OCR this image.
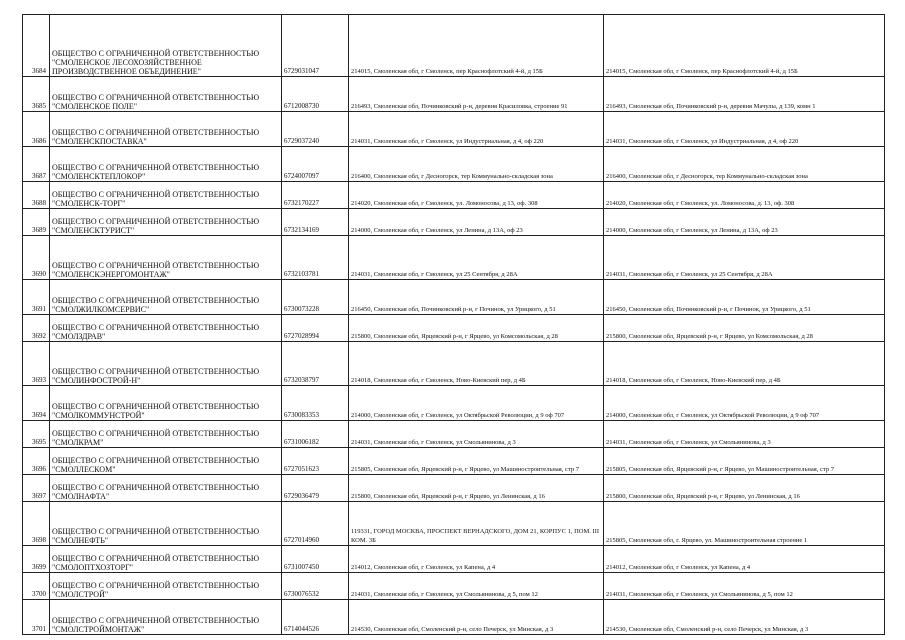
3684	ОБЩЕСТВО С ОГРАНИЧЕННОЙ ОТВЕТСТВЕННОСТЬЮ "СМОЛЕНСКОЕ ЛЕСОХОЗЯЙСТВЕННОЕ ПРОИЗВОДСТВЕННОЕ ОБЪЕДИНЕНИЕ"	6729031047	214015, Смоленская обл, г Смоленск, пер Краснофлотский 4-й, д 15Б	214015, Смоленская обл, г Смоленск, пер Краснофлотский 4-й, д 15Б
3685	ОБЩЕСТВО С ОГРАНИЧЕННОЙ ОТВЕТСТВЕННОСТЬЮ "СМОЛЕНСКОЕ ПОЛЕ"	6712008730	216493, Смоленская обл, Починковский р-н, деревня Красиловка, строение 91	216493, Смоленская обл, Починковский р-н, деревня Мачулы, д 139, комн 1
3686	ОБЩЕСТВО С ОГРАНИЧЕННОЙ ОТВЕТСТВЕННОСТЬЮ "СМОЛЕНСКПОСТАВКА"	6729037240	214031, Смоленская обл, г Смоленск, ул Индустриальная, д 4, оф 220	214031, Смоленская обл, г Смоленск, ул Индустриальная, д 4, оф 220
3687	ОБЩЕСТВО С ОГРАНИЧЕННОЙ ОТВЕТСТВЕННОСТЬЮ "СМОЛЕНСКТЕПЛОКОР"	6724007097	216400, Смоленская обл, г Десногорск, тер Коммунально-складская зона	216400, Смоленская обл, г Десногорск, тер Коммунально-складская зона
3688	ОБЩЕСТВО С ОГРАНИЧЕННОЙ ОТВЕТСТВЕННОСТЬЮ "СМОЛЕНСК-ТОРГ"	6732170227	214020, Смоленская обл, г Смоленск, ул. Ломоносова, д 13, оф. 308	214020, Смоленская обл, г Смоленск, ул. Ломоносова, д. 13, оф. 308
3689	ОБЩЕСТВО С ОГРАНИЧЕННОЙ ОТВЕТСТВЕННОСТЬЮ "СМОЛЕНСКТУРИСТ"	6732134169	214000, Смоленская обл, г Смоленск, ул Ленина, д 13А, оф 23	214000, Смоленская обл, г Смоленск, ул Ленина, д 13А, оф 23
3690	ОБЩЕСТВО С ОГРАНИЧЕННОЙ ОТВЕТСТВЕННОСТЬЮ "СМОЛЕНСКЭНЕРГОМОНТАЖ"	6732103781	214031, Смоленская обл, г Смоленск, ул 25 Сентября, д 28А	214031, Смоленская обл, г Смоленск, ул 25 Сентября, д 28А
3691	ОБЩЕСТВО С ОГРАНИЧЕННОЙ ОТВЕТСТВЕННОСТЬЮ "СМОЛЖИЛКОМСЕРВИС"	6730073228	216450, Смоленская обл, Починковский р-н, г Починок, ул Урицкого, д 51	216450, Смоленская обл, Починковский р-н, г Починок, ул Урицкого, д 51
3692	ОБЩЕСТВО С ОГРАНИЧЕННОЙ ОТВЕТСТВЕННОСТЬЮ "СМОЛЗДРАВ"	6727028994	215800, Смоленская обл, Ярцевский р-н, г Ярцево, ул Комсомольская, д 28	215800, Смоленская обл, Ярцевский р-н, г Ярцево, ул Комсомольская, д 28
3693	ОБЩЕСТВО С ОГРАНИЧЕННОЙ ОТВЕТСТВЕННОСТЬЮ "СМОЛИНФОСТРОЙ-Н"	6732038797	214018, Смоленская обл, г Смоленск, Ново-Киевский пер, д 4Б	214018, Смоленская обл, г Смоленск, Ново-Киевский пер, д 4Б
3694	ОБЩЕСТВО С ОГРАНИЧЕННОЙ ОТВЕТСТВЕННОСТЬЮ "СМОЛКОММУНСТРОЙ"	6730083353	214000, Смоленская обл, г Смоленск, ул Октябрьской Революции, д 9 оф 707	214000, Смоленская обл, г Смоленск, ул Октябрьской Революции, д 9 оф 707
3695	ОБЩЕСТВО С ОГРАНИЧЕННОЙ ОТВЕТСТВЕННОСТЬЮ "СМОЛКРАМ"	6731006182	214031, Смоленская обл, г Смоленск, ул Смольянинова, д 3	214031, Смоленская обл, г Смоленск, ул Смольянинова, д 3
3696	ОБЩЕСТВО С ОГРАНИЧЕННОЙ ОТВЕТСТВЕННОСТЬЮ "СМОЛЛЕСКОМ"	6727051623	215805, Смоленская обл, Ярцевский р-н, г Ярцево, ул Машиностроительная, стр 7	215805, Смоленская обл, Ярцевский р-н, г Ярцево, ул Машиностроительная, стр 7
3697	ОБЩЕСТВО С ОГРАНИЧЕННОЙ ОТВЕТСТВЕННОСТЬЮ "СМОЛНАФТА"	6729036479	215800, Смоленская обл, Ярцевский р-н, г Ярцево, ул Ленинская, д 16	215800, Смоленская обл, Ярцевский р-н, г Ярцево, ул Ленинская, д 16
3698	ОБЩЕСТВО С ОГРАНИЧЕННОЙ ОТВЕТСТВЕННОСТЬЮ "СМОЛНЕФТЬ"	6727014960	119331, ГОРОД МОСКВА, ПРОСПЕКТ ВЕРНАДСКОГО, ДОМ 21, КОРПУС 1, ПОМ. III КОМ. 3Б	215805, Смоленская обл, г. Ярцево, ул. Машиностроительная строение 1
3699	ОБЩЕСТВО С ОГРАНИЧЕННОЙ ОТВЕТСТВЕННОСТЬЮ "СМОЛОПТХОЗТОРГ"	6731007450	214012, Смоленская обл, г Смоленск, ул Капена, д 4	214012, Смоленская обл, г Смоленск, ул Капена, д 4
3700	ОБЩЕСТВО С ОГРАНИЧЕННОЙ ОТВЕТСТВЕННОСТЬЮ "СМОЛСТРОЙ"	6730076532	214031, Смоленская обл, г Смоленск, ул Смольянинова, д 5, пом 12	214031, Смоленская обл, г Смоленск, ул Смольянинова, д 5, пом 12
3701	ОБЩЕСТВО С ОГРАНИЧЕННОЙ ОТВЕТСТВЕННОСТЬЮ "СМОЛСТРОЙМОНТАЖ"	6714044526	214530, Смоленская обл, Смоленский р-н, село Печерск, ул Минская, д 3	214530, Смоленская обл, Смоленский р-н, село Печерск, ул Минская, д 3
